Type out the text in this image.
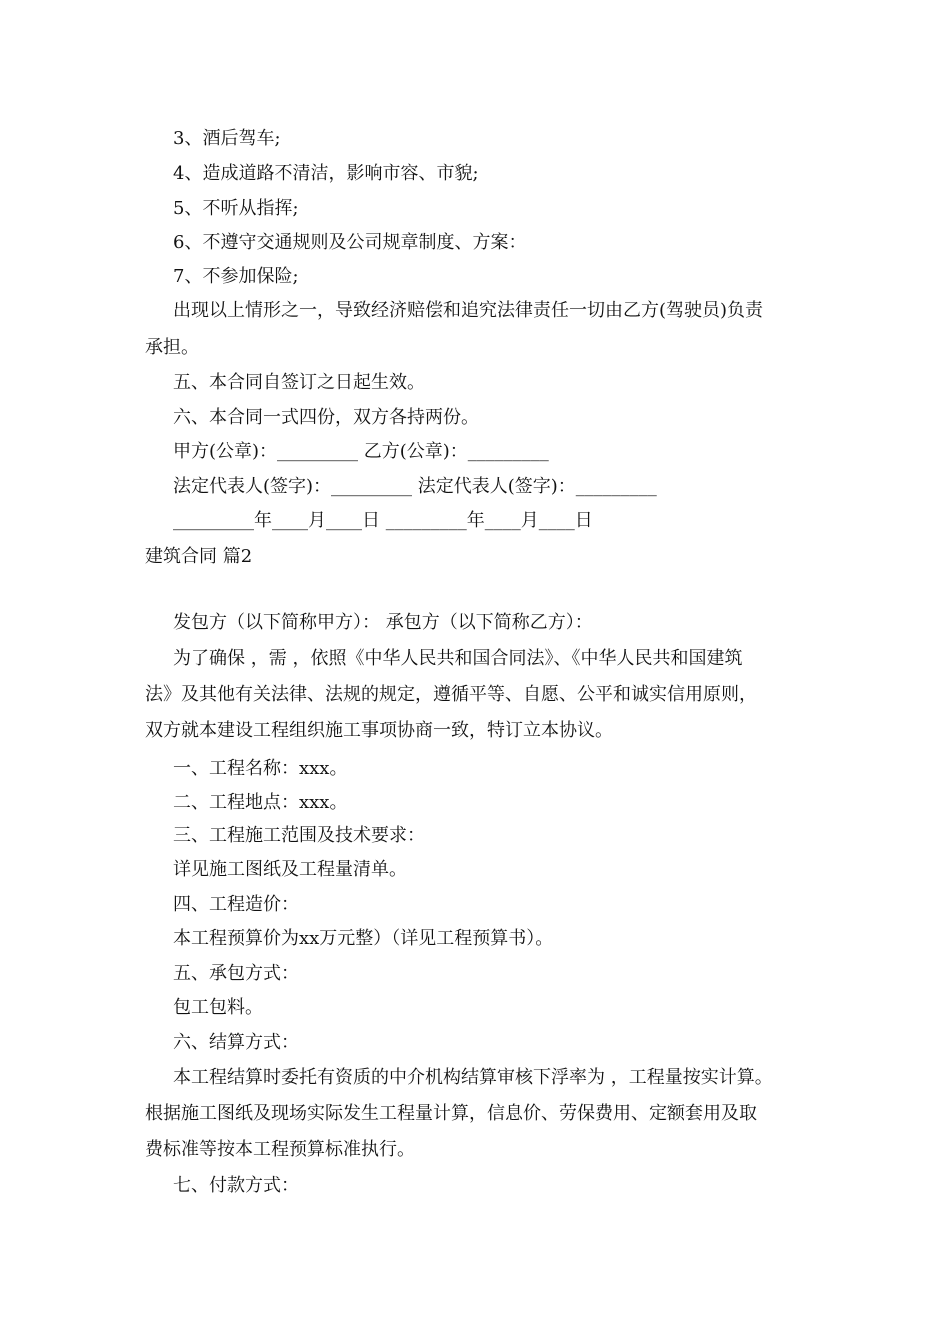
3、酒后驾车;
4、造成道路不清洁，影响市容、市貌;
5、不听从指挥;
6、不遵守交通规则及公司规章制度、方案：
7、不参加保险;
出现以上情形之一，导致经济赔偿和追究法律责任一切由乙方(驾驶员)负责
承担。
五、本合同自签订之日起生效。
六、本合同一式四份，双方各持两份。
甲方(公章)：_________ 乙方(公章)：_________
法定代表人(签字)：_________ 法定代表人(签字)：_________
_________年____月____日 _________年____月____日
建筑合同 篇2
发包方（以下简称甲方）： 承包方（以下简称乙方）：
为了确保 ，需 ，依照《中华人民共和国合同法》、《中华人民共和国建筑
法》及其他有关法律、法规的规定，遵循平等、自愿、公平和诚实信用原则，
双方就本建设工程组织施工事项协商一致，特订立本协议。
一、工程名称：xxx。
二、工程地点：xxx。
三、工程施工范围及技术要求：
详见施工图纸及工程量清单。
四、工程造价：
本工程预算价为xx万元整）（详见工程预算书）。
五、承包方式：
包工包料。
六、结算方式：
本工程结算时委托有资质的中介机构结算审核下浮率为 ，工程量按实计算。
根据施工图纸及现场实际发生工程量计算，信息价、劳保费用、定额套用及取
费标准等按本工程预算标准执行。
七、付款方式：
